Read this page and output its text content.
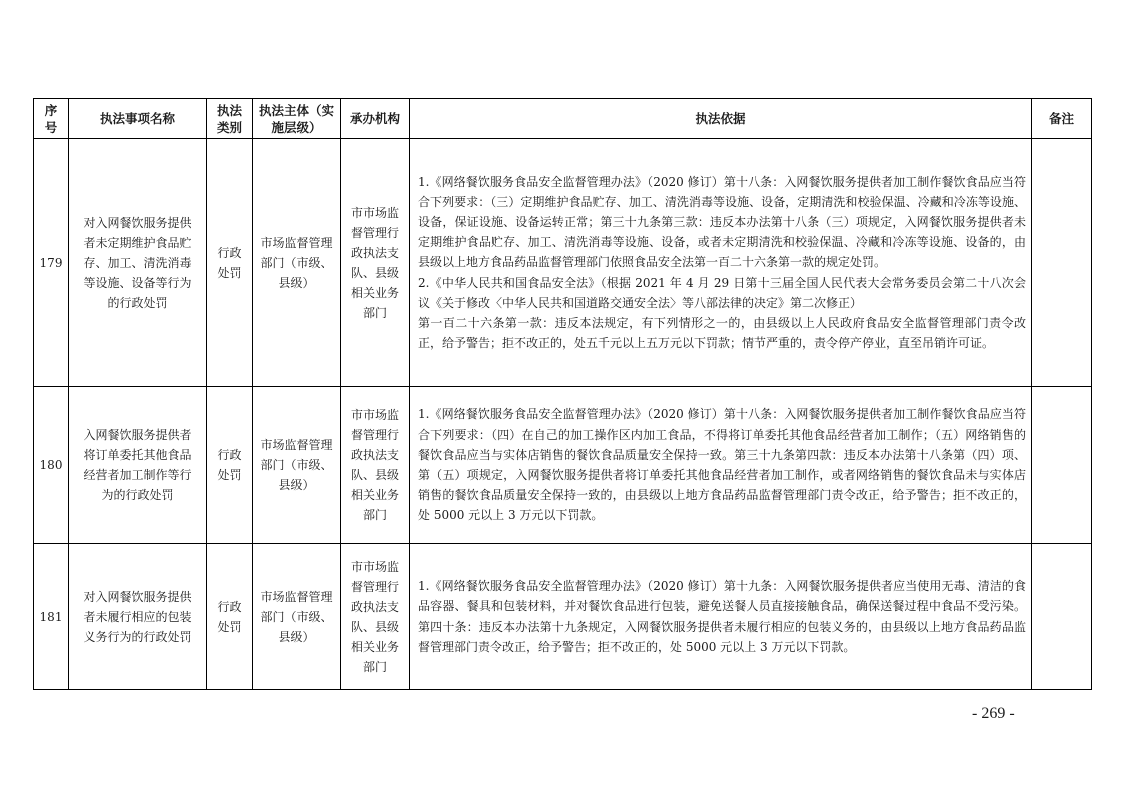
序号	执法事项名称	执法类别	执法主体（实施层级）	承办机构	执法依据	备注
179	对入网餐饮服务提供者未定期维护食品贮存、加工、清洗消毒等设施、设备等行为的行政处罚	行政处罚	市场监督管理部门（市级、县级）	市市场监督管理行政执法支队、县级相关业务部门	1.《网络餐饮服务食品安全监督管理办法》（2020 修订）第十八条：入网餐饮服务提供者加工制作餐饮食品应当符合下列要求：（三）定期维护食品贮存、加工、清洗消毒等设施、设备，定期清洗和校验保温、冷藏和冷冻等设施、设备，保证设施、设备运转正常；第三十九条第三款：违反本办法第十八条（三）项规定，入网餐饮服务提供者未定期维护食品贮存、加工、清洗消毒等设施、设备，或者未定期清洗和校验保温、冷藏和冷冻等设施、设备的，由县级以上地方食品药品监督管理部门依照食品安全法第一百二十六条第一款的规定处罚。

2.《中华人民共和国食品安全法》（根据 2021 年 4 月 29 日第十三届全国人民代表大会常务委员会第二十八次会议《关于修改〈中华人民共和国道路交通安全法〉等八部法律的决定》第二次修正）

第一百二十六条第一款：违反本法规定，有下列情形之一的，由县级以上人民政府食品安全监督管理部门责令改正，给予警告；拒不改正的，处五千元以上五万元以下罚款；情节严重的，责令停产停业，直至吊销许可证。	

180	入网餐饮服务提供者将订单委托其他食品经营者加工制作等行为的行政处罚	行政处罚	市场监督管理部门（市级、县级）	市市场监督管理行政执法支队、县级相关业务部门	1.《网络餐饮服务食品安全监督管理办法》（2020 修订）第十八条：入网餐饮服务提供者加工制作餐饮食品应当符合下列要求：（四）在自己的加工操作区内加工食品，不得将订单委托其他食品经营者加工制作；（五）网络销售的餐饮食品应当与实体店销售的餐饮食品质量安全保持一致。第三十九条第四款：违反本办法第十八条第（四）项、第（五）项规定，入网餐饮服务提供者将订单委托其他食品经营者加工制作，或者网络销售的餐饮食品未与实体店销售的餐饮食品质量安全保持一致的，由县级以上地方食品药品监督管理部门责令改正，给予警告；拒不改正的，处 5000 元以上 3 万元以下罚款。	

181	对入网餐饮服务提供者未履行相应的包装义务行为的行政处罚	行政处罚	市场监督管理部门（市级、县级）	市市场监督管理行政执法支队、县级相关业务部门	1.《网络餐饮服务食品安全监督管理办法》（2020 修订）第十九条：入网餐饮服务提供者应当使用无毒、清洁的食品容器、餐具和包装材料，并对餐饮食品进行包装，避免送餐人员直接接触食品，确保送餐过程中食品不受污染。第四十条：违反本办法第十九条规定，入网餐饮服务提供者未履行相应的包装义务的，由县级以上地方食品药品监督管理部门责令改正，给予警告；拒不改正的，处 5000 元以上 3 万元以下罚款。	

- 269 -
